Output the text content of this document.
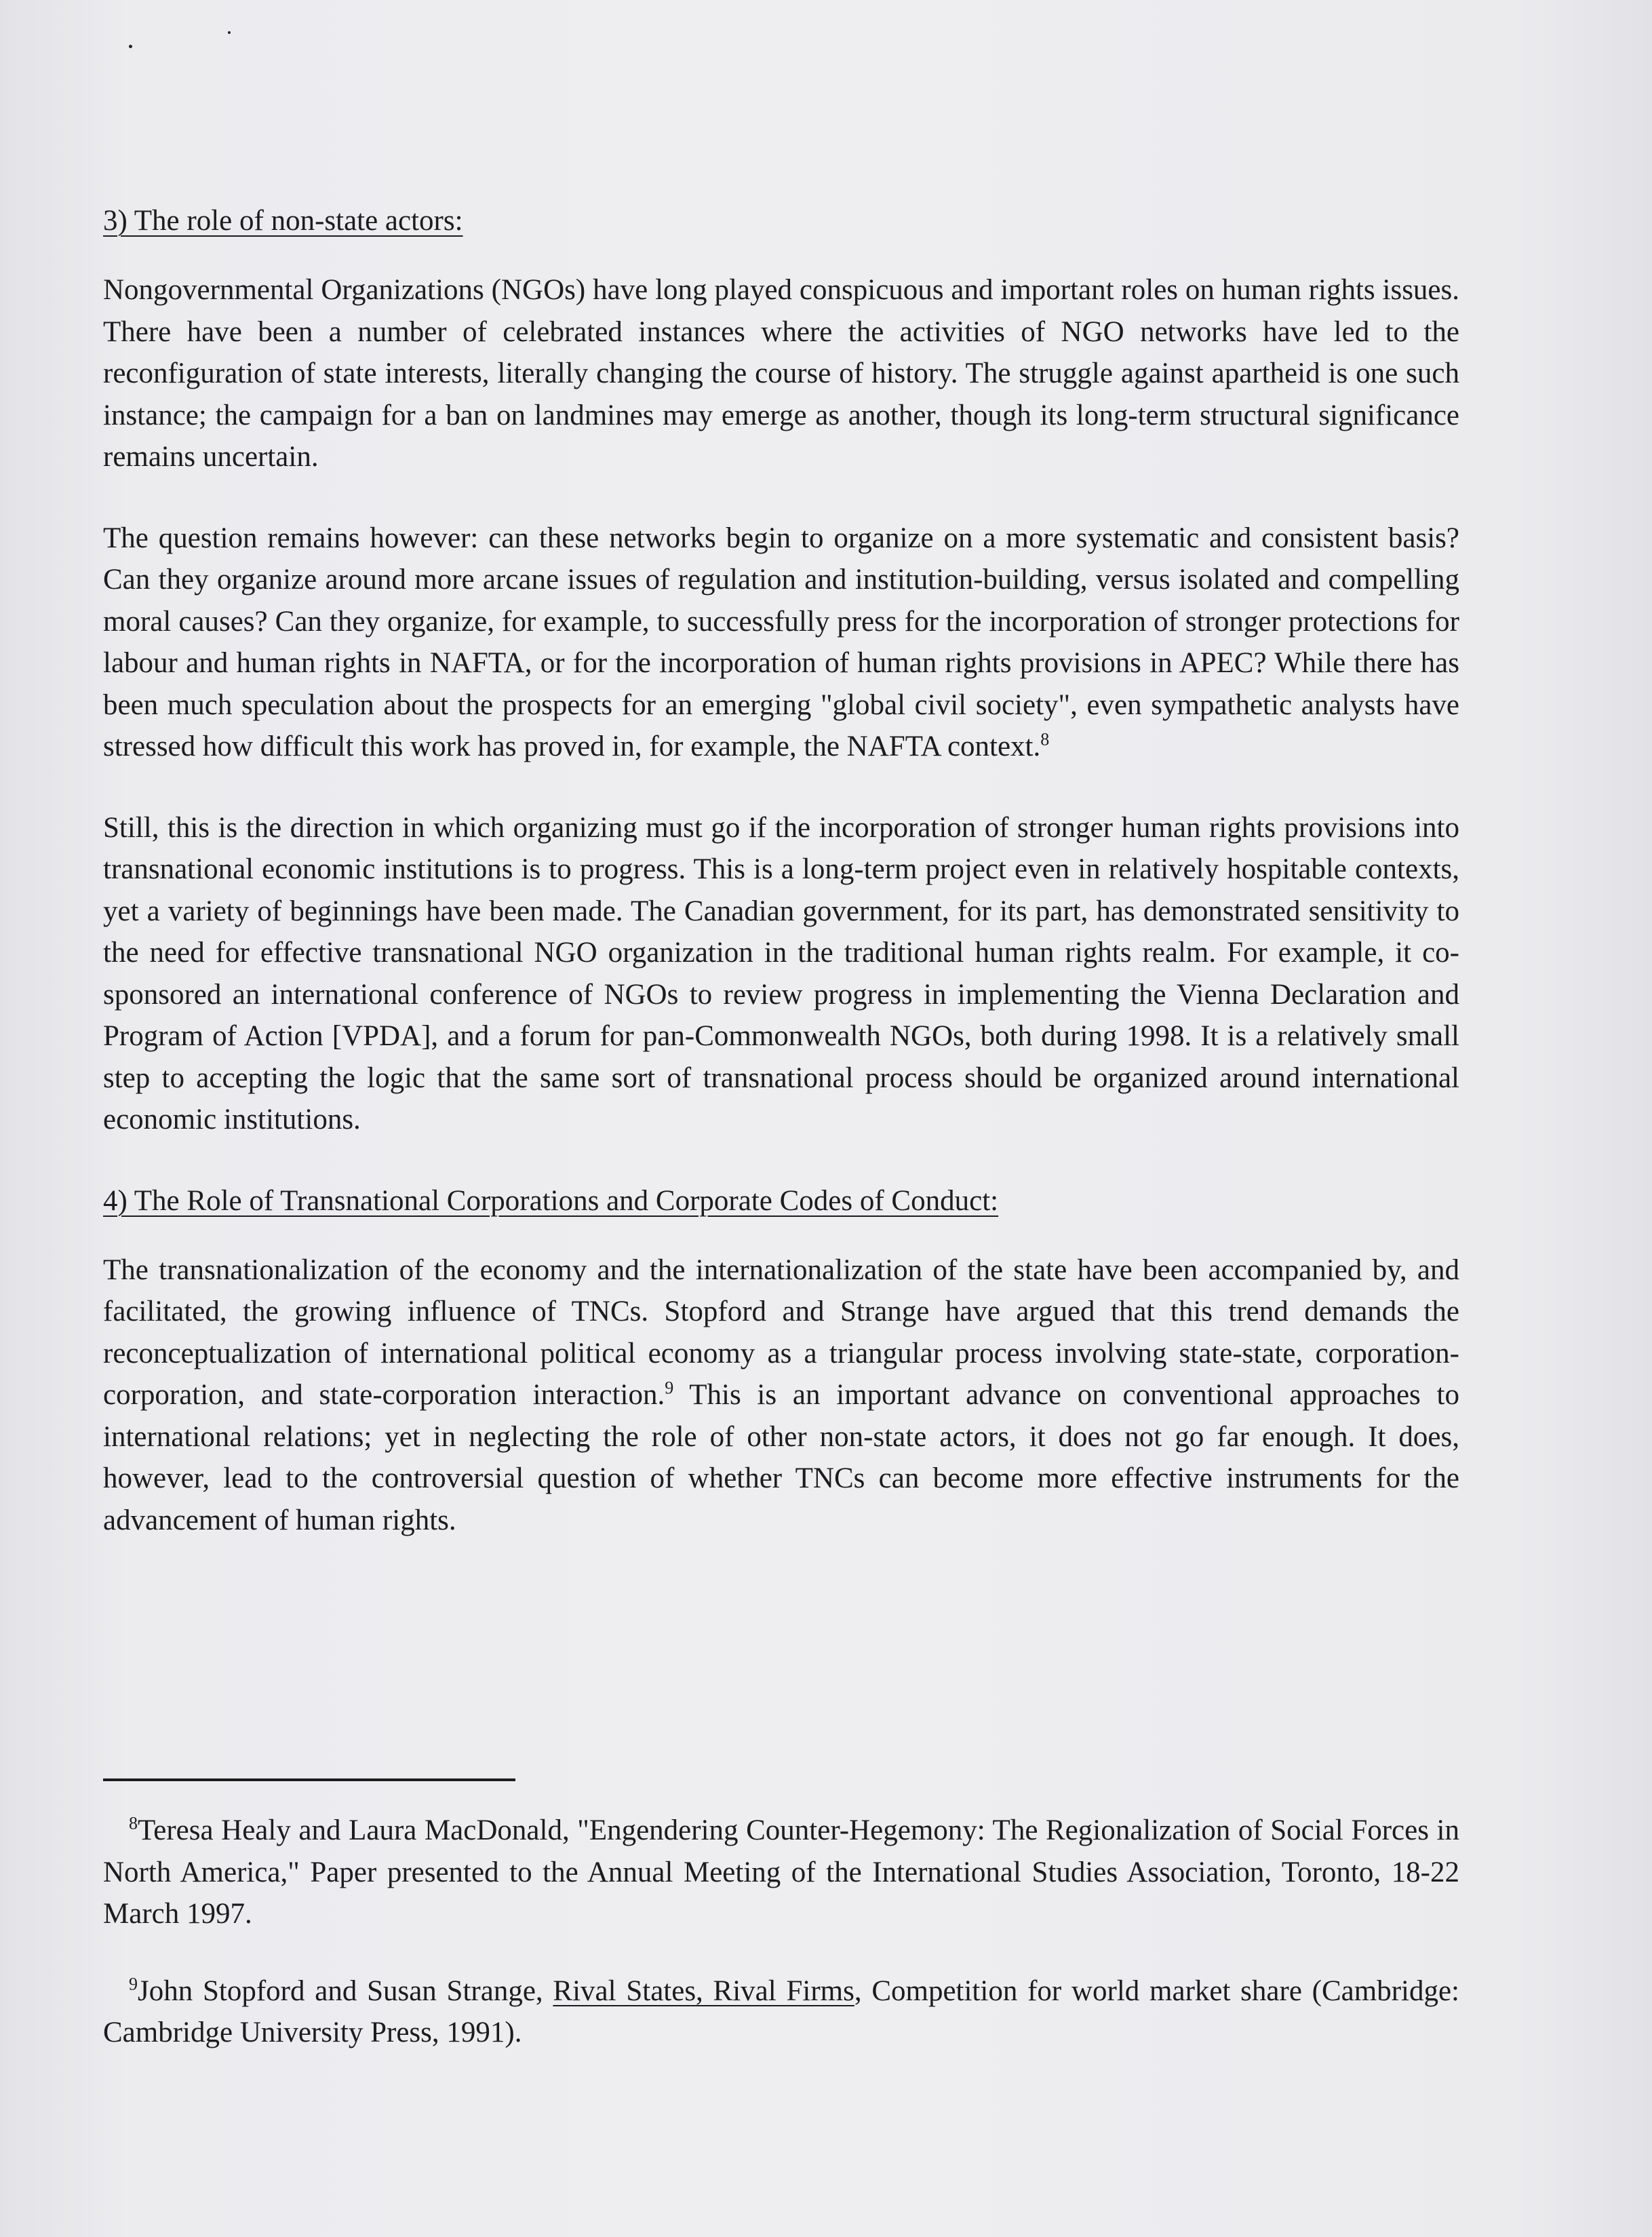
3) The role of non-state actors:

Nongovernmental Organizations (NGOs) have long played conspicuous and important roles on human rights issues. There have been a number of celebrated instances where the activities of NGO networks have led to the reconfiguration of state interests, literally changing the course of history. The struggle against apartheid is one such instance; the campaign for a ban on landmines may emerge as another, though its long-term structural significance remains uncertain.

The question remains however: can these networks begin to organize on a more systematic and consistent basis? Can they organize around more arcane issues of regulation and institution-building, versus isolated and compelling moral causes? Can they organize, for example, to successfully press for the incorporation of stronger protections for labour and human rights in NAFTA, or for the incorporation of human rights provisions in APEC? While there has been much speculation about the prospects for an emerging "global civil society", even sympathetic analysts have stressed how difficult this work has proved in, for example, the NAFTA context.$^8$

Still, this is the direction in which organizing must go if the incorporation of stronger human rights provisions into transnational economic institutions is to progress. This is a long-term project even in relatively hospitable contexts, yet a variety of beginnings have been made. The Canadian government, for its part, has demonstrated sensitivity to the need for effective transnational NGO organization in the traditional human rights realm. For example, it co-sponsored an international conference of NGOs to review progress in implementing the Vienna Declaration and Program of Action [VPDA], and a forum for pan-Commonwealth NGOs, both during 1998. It is a relatively small step to accepting the logic that the same sort of transnational process should be organized around international economic institutions.

4) The Role of Transnational Corporations and Corporate Codes of Conduct:

The transnationalization of the economy and the internationalization of the state have been accompanied by, and facilitated, the growing influence of TNCs. Stopford and Strange have argued that this trend demands the reconceptualization of international political economy as a triangular process involving state-state, corporation-corporation, and state-corporation interaction.$^9$ This is an important advance on conventional approaches to international relations; yet in neglecting the role of other non-state actors, it does not go far enough. It does, however, lead to the controversial question of whether TNCs can become more effective instruments for the advancement of human rights.

$^8$Teresa Healy and Laura MacDonald, "Engendering Counter-Hegemony: The Regionalization of Social Forces in North America," Paper presented to the Annual Meeting of the International Studies Association, Toronto, 18-22 March 1997.

$^9$John Stopford and Susan Strange, Rival States, Rival Firms, Competition for world market share (Cambridge: Cambridge University Press, 1991).
